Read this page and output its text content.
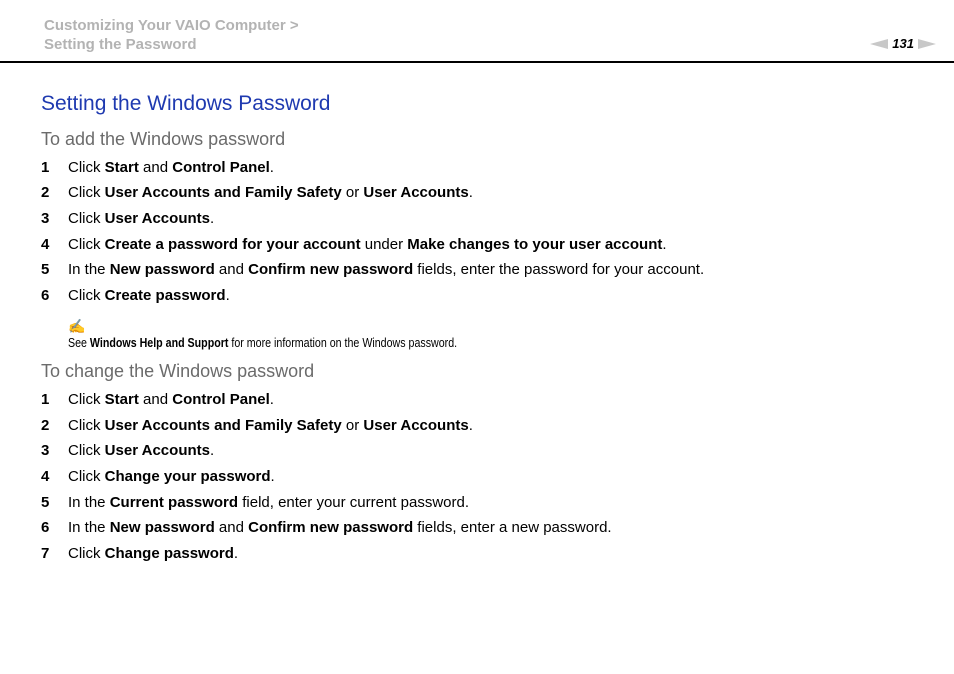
Customizing Your VAIO Computer >
Setting the Password	131
Setting the Windows Password
To add the Windows password
1	Click Start and Control Panel.
2	Click User Accounts and Family Safety or User Accounts.
3	Click User Accounts.
4	Click Create a password for your account under Make changes to your user account.
5	In the New password and Confirm new password fields, enter the password for your account.
6	Click Create password.
✍
See Windows Help and Support for more information on the Windows password.
To change the Windows password
1	Click Start and Control Panel.
2	Click User Accounts and Family Safety or User Accounts.
3	Click User Accounts.
4	Click Change your password.
5	In the Current password field, enter your current password.
6	In the New password and Confirm new password fields, enter a new password.
7	Click Change password.
